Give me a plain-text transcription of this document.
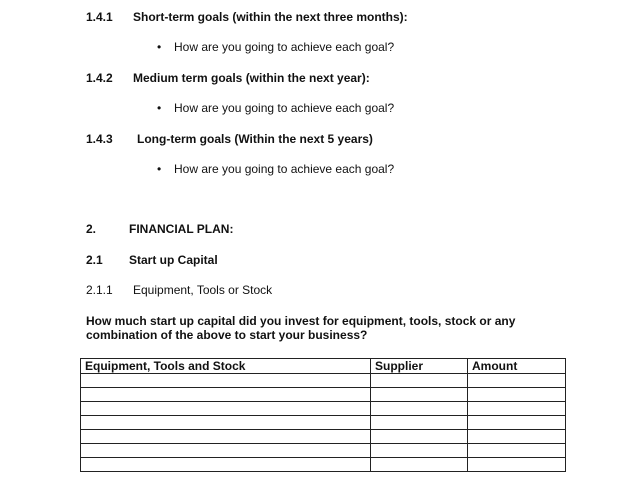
1.4.1 Short-term goals (within the next three months):
• How are you going to achieve each goal?
1.4.2 Medium term goals (within the next year):
• How are you going to achieve each goal?
1.4.3 Long-term goals (Within the next 5 years)
• How are you going to achieve each goal?
2.	FINANCIAL PLAN:
2.1 Start up Capital
2.1.1 Equipment, Tools or Stock
How much start up capital did you invest for equipment, tools, stock or any
combination of the above to start your business?
Equipment, Tools and Stock	Supplier	Amount
